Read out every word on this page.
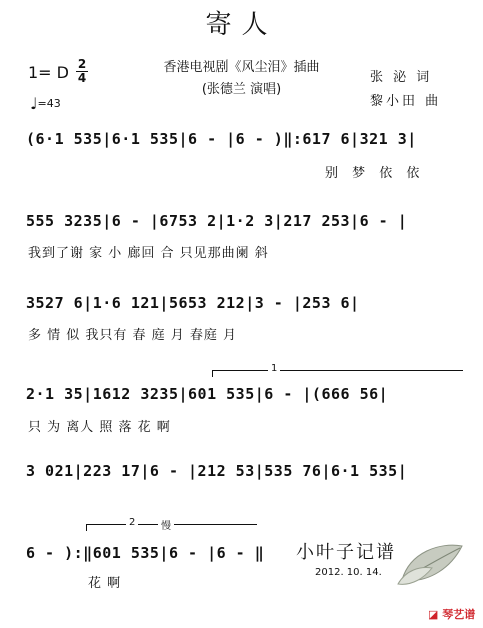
寄人
香港电视剧《风尘泪》插曲
(张德兰 演唱)
1= D 2
4
♩=43
张 泌 词
黎小田 曲
(6·1 535|6·1 535|6 - |6 - )‖:617 6|321 3|
别 梦 依 依
555 3235|6 - |6753 2|1·2 3|217 253|6 - |
我到了谢 家 小 廊回 合 只见那曲阑 斜
3527 6|1·6 121|5653 212|3 - |253 6|
多 情 似 我只有 春 庭 月 春庭 月
1
2·1 35|1612 3235|601 535|6 - |(666 56|
只 为 离人 照 落 花 啊
3 021|223 17|6 - |212 53|535 76|6·1 535|
2	慢
6 - ):‖601 535|6 - |6 - ‖
花 啊
小叶子记谱
2012. 10. 14.
◪ 琴艺谱
